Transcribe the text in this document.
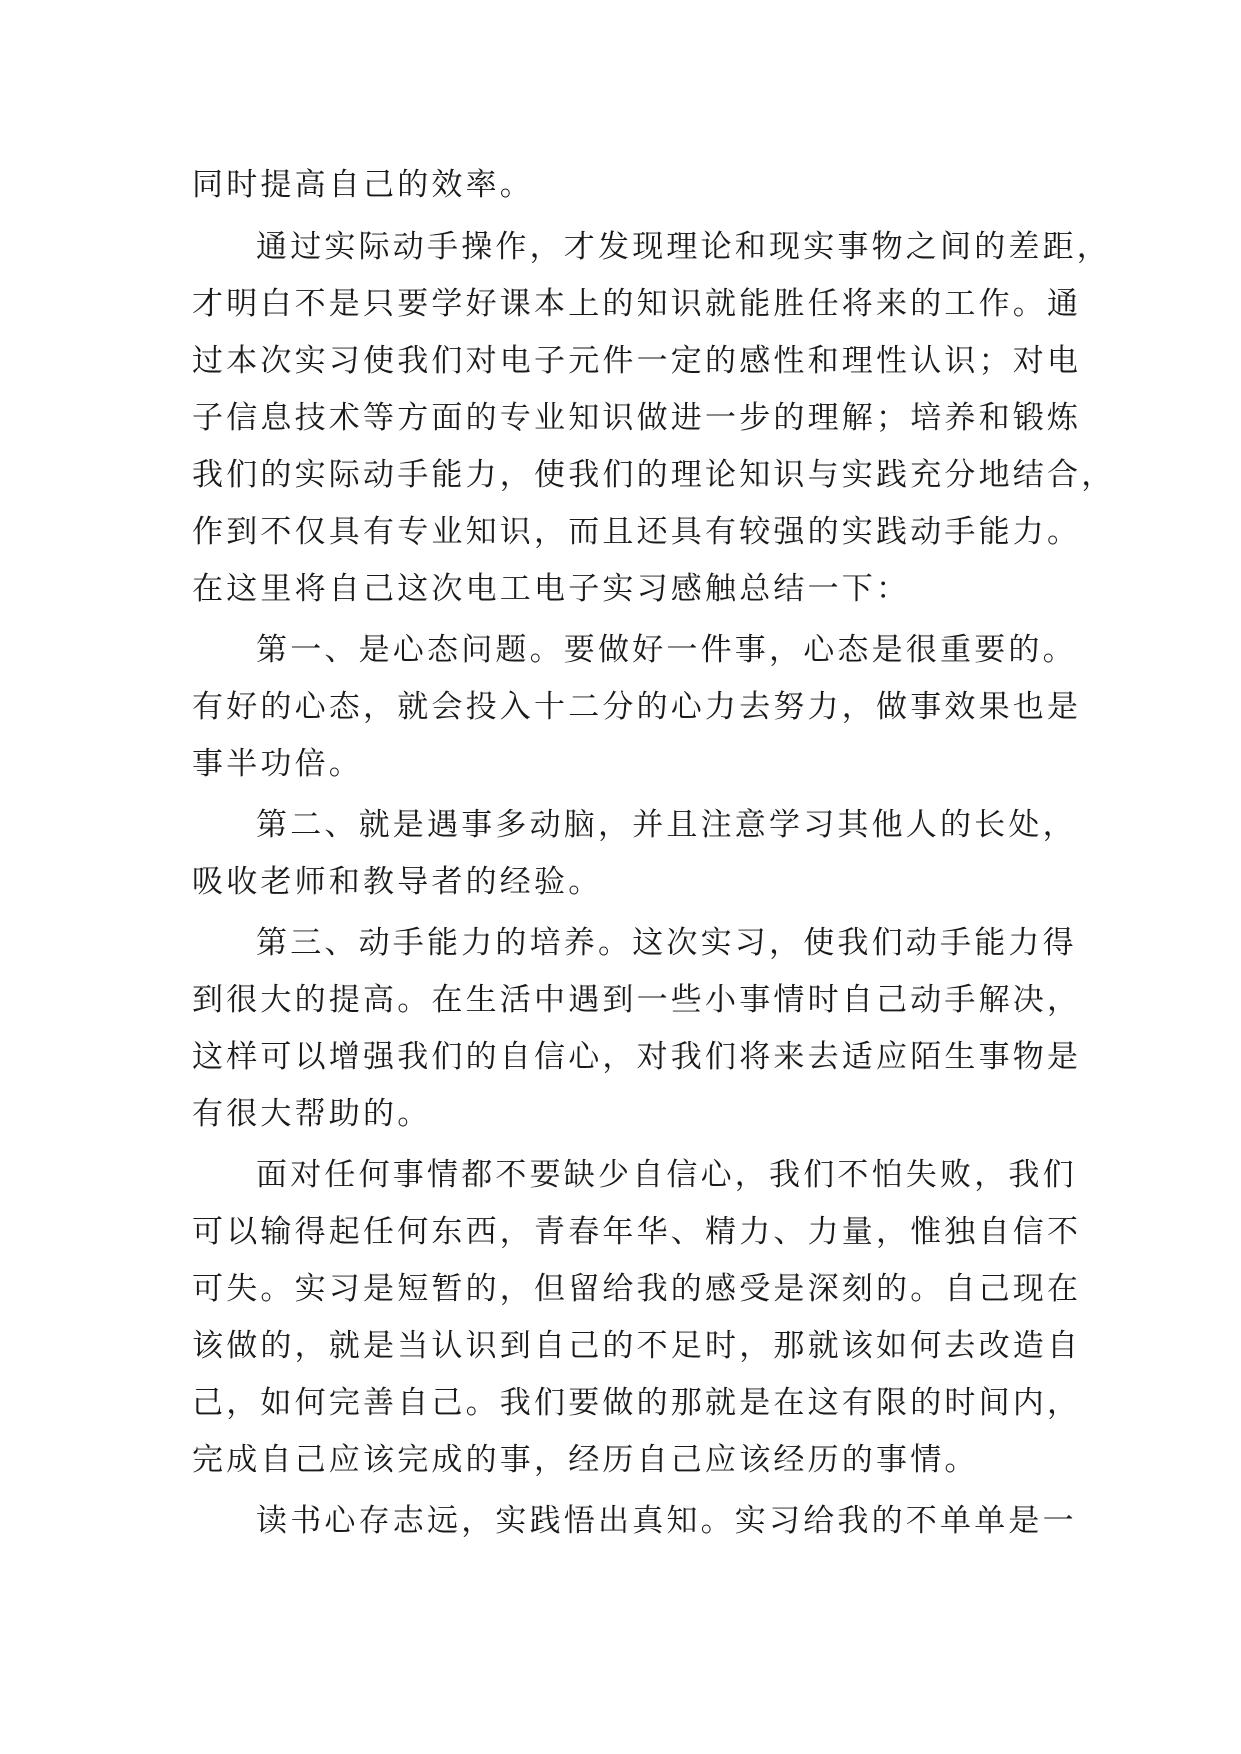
同时提高自己的效率。
通过实际动手操作，才发现理论和现实事物之间的差距，
才明白不是只要学好课本上的知识就能胜任将来的工作。通
过本次实习使我们对电子元件一定的感性和理性认识；对电
子信息技术等方面的专业知识做进一步的理解；培养和锻炼
我们的实际动手能力，使我们的理论知识与实践充分地结合，
作到不仅具有专业知识，而且还具有较强的实践动手能力。
在这里将自己这次电工电子实习感触总结一下：
第一、是心态问题。要做好一件事，心态是很重要的。
有好的心态，就会投入十二分的心力去努力，做事效果也是
事半功倍。
第二、就是遇事多动脑，并且注意学习其他人的长处，
吸收老师和教导者的经验。
第三、动手能力的培养。这次实习，使我们动手能力得
到很大的提高。在生活中遇到一些小事情时自己动手解决，
这样可以增强我们的自信心，对我们将来去适应陌生事物是
有很大帮助的。
面对任何事情都不要缺少自信心，我们不怕失败，我们
可以输得起任何东西，青春年华、精力、力量，惟独自信不
可失。实习是短暂的，但留给我的感受是深刻的。自己现在
该做的，就是当认识到自己的不足时，那就该如何去改造自
己，如何完善自己。我们要做的那就是在这有限的时间内，
完成自己应该完成的事，经历自己应该经历的事情。
读书心存志远，实践悟出真知。实习给我的不单单是一
